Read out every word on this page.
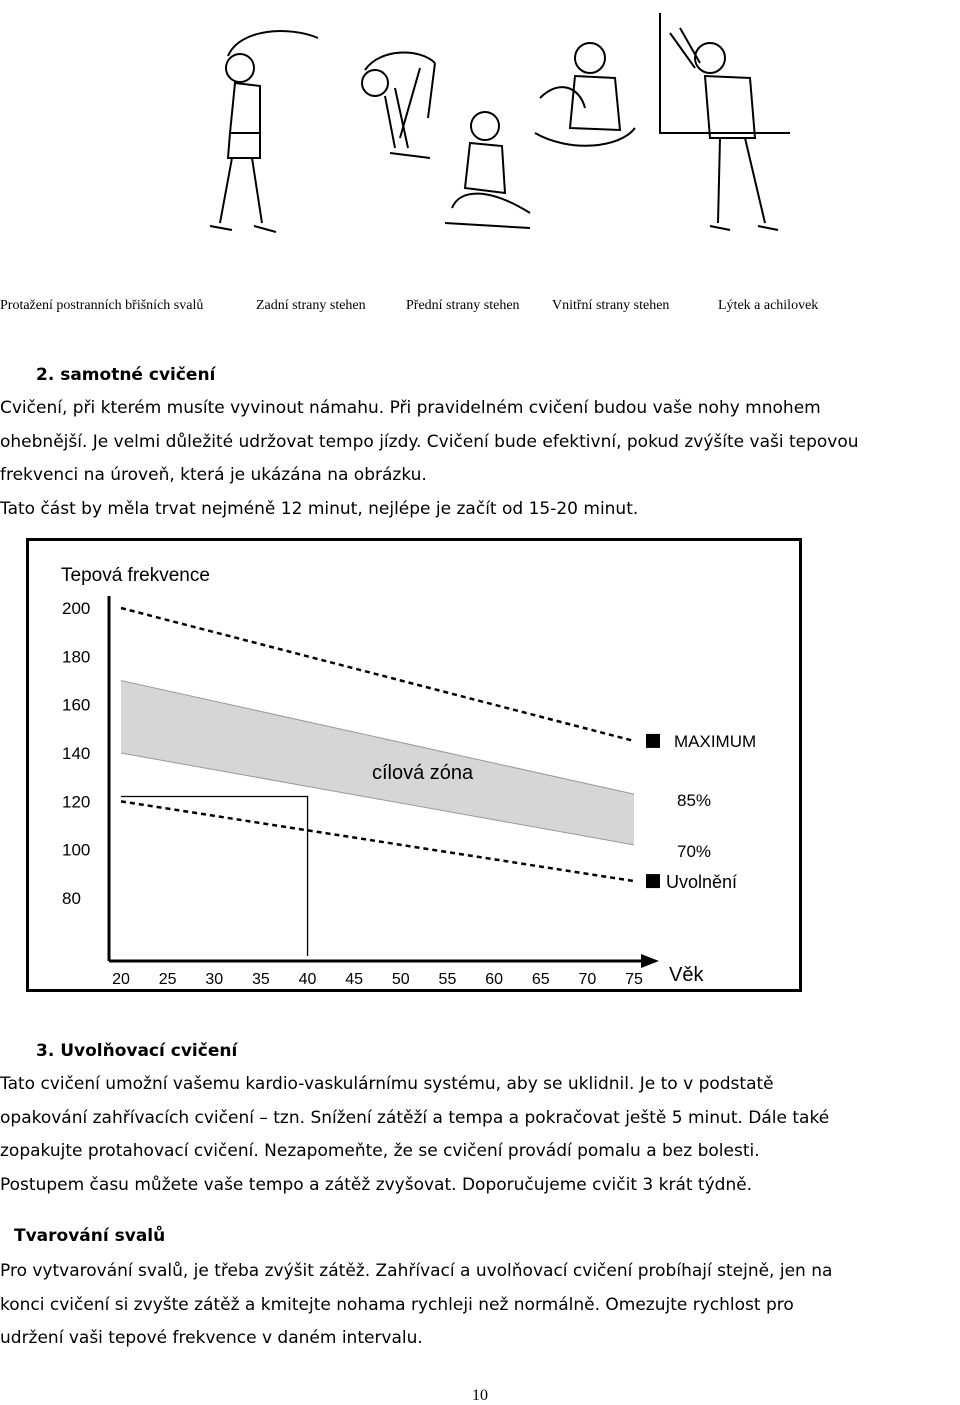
Protažení postranních břišních svalů	Zadní strany stehen	Přední strany stehen Vnitřní strany stehen	Lýtek a achilovek
2. samotné cvičení
Cvičení, při kterém musíte vyvinout námahu. Při pravidelném cvičení budou vaše nohy mnohem
ohebnější. Je velmi důležité udržovat tempo jízdy. Cvičení bude efektivní, pokud zvýšíte vaši tepovou
frekvenci na úroveň, která je ukázána na obrázku.
Tato část by měla trvat nejméně 12 minut, nejlépe je začít od 15-20 minut.
MAXIMUM
85%
70%
Uvolnění
cílová zóna
Tepová frekvence
Věk
200
180
160
140
120
100
80
20 25 30 35 40 45 50 55 60 65 70 75
3. Uvolňovací cvičení
Tato cvičení umožní vašemu kardio-vaskulárnímu systému, aby se uklidnil. Je to v podstatě
opakování zahřívacích cvičení – tzn. Snížení zátěží a tempa a pokračovat ještě 5 minut. Dále také
zopakujte protahovací cvičení. Nezapomeňte, že se cvičení provádí pomalu a bez bolesti.
Postupem času můžete vaše tempo a zátěž zvyšovat. Doporučujeme cvičit 3 krát týdně.
Tvarování svalů
Pro vytvarování svalů, je třeba zvýšit zátěž. Zahřívací a uvolňovací cvičení probíhají stejně, jen na
konci cvičení si zvyšte zátěž a kmitejte nohama rychleji než normálně. Omezujte rychlost pro
udržení vaši tepové frekvence v daném intervalu.
10
